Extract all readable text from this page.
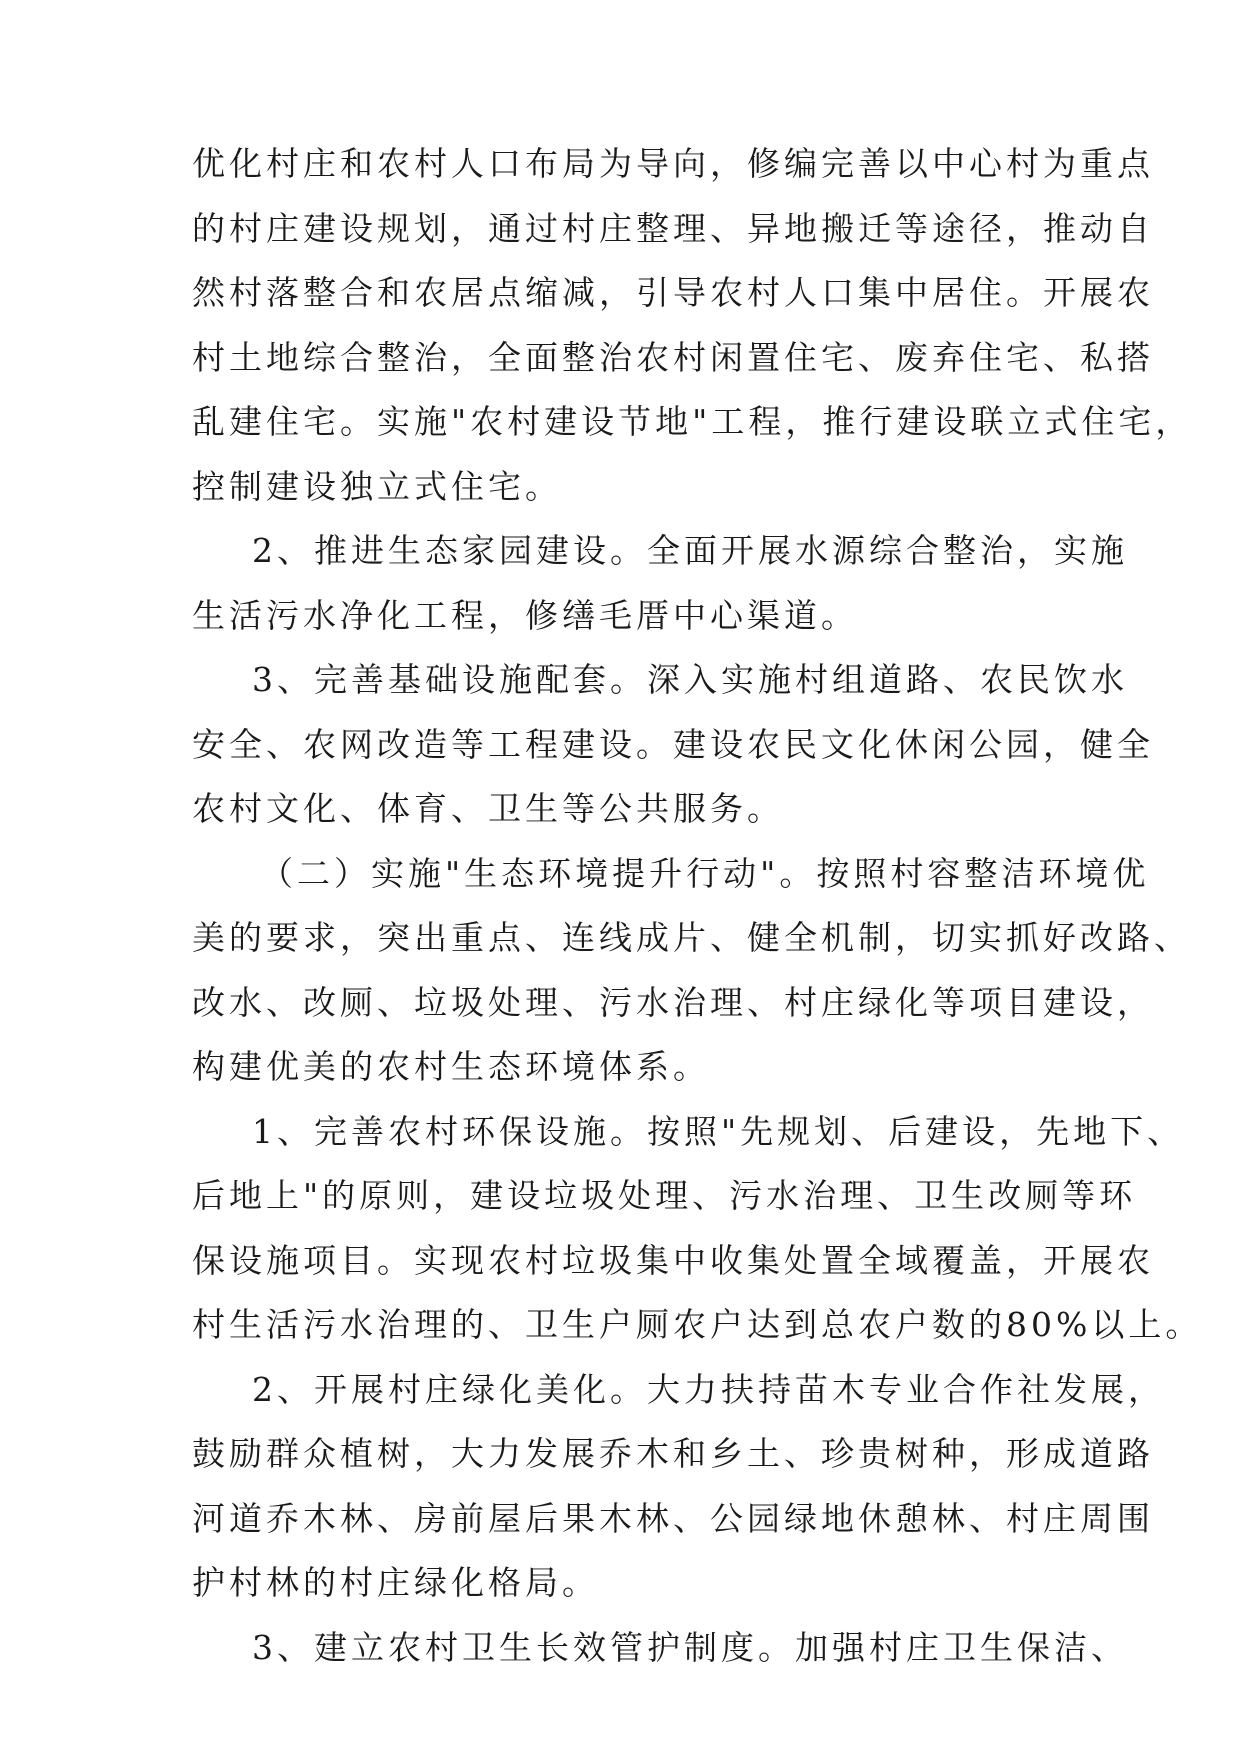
优化村庄和农村人口布局为导向，修编完善以中心村为重点
的村庄建设规划，通过村庄整理、异地搬迁等途径，推动自
然村落整合和农居点缩减，引导农村人口集中居住。开展农
村土地综合整治，全面整治农村闲置住宅、废弃住宅、私搭
乱建住宅。实施"农村建设节地"工程，推行建设联立式住宅，
控制建设独立式住宅。
2、推进生态家园建设。全面开展水源综合整治，实施
生活污水净化工程，修缮毛厝中心渠道。
3、完善基础设施配套。深入实施村组道路、农民饮水
安全、农网改造等工程建设。建设农民文化休闲公园，健全
农村文化、体育、卫生等公共服务。
（二）实施"生态环境提升行动"。按照村容整洁环境优
美的要求，突出重点、连线成片、健全机制，切实抓好改路、
改水、改厕、垃圾处理、污水治理、村庄绿化等项目建设，
构建优美的农村生态环境体系。
1、完善农村环保设施。按照"先规划、后建设，先地下、
后地上"的原则，建设垃圾处理、污水治理、卫生改厕等环
保设施项目。实现农村垃圾集中收集处置全域覆盖，开展农
村生活污水治理的、卫生户厕农户达到总农户数的80%以上。
2、开展村庄绿化美化。大力扶持苗木专业合作社发展，
鼓励群众植树，大力发展乔木和乡土、珍贵树种，形成道路
河道乔木林、房前屋后果木林、公园绿地休憩林、村庄周围
护村林的村庄绿化格局。
3、建立农村卫生长效管护制度。加强村庄卫生保洁、
